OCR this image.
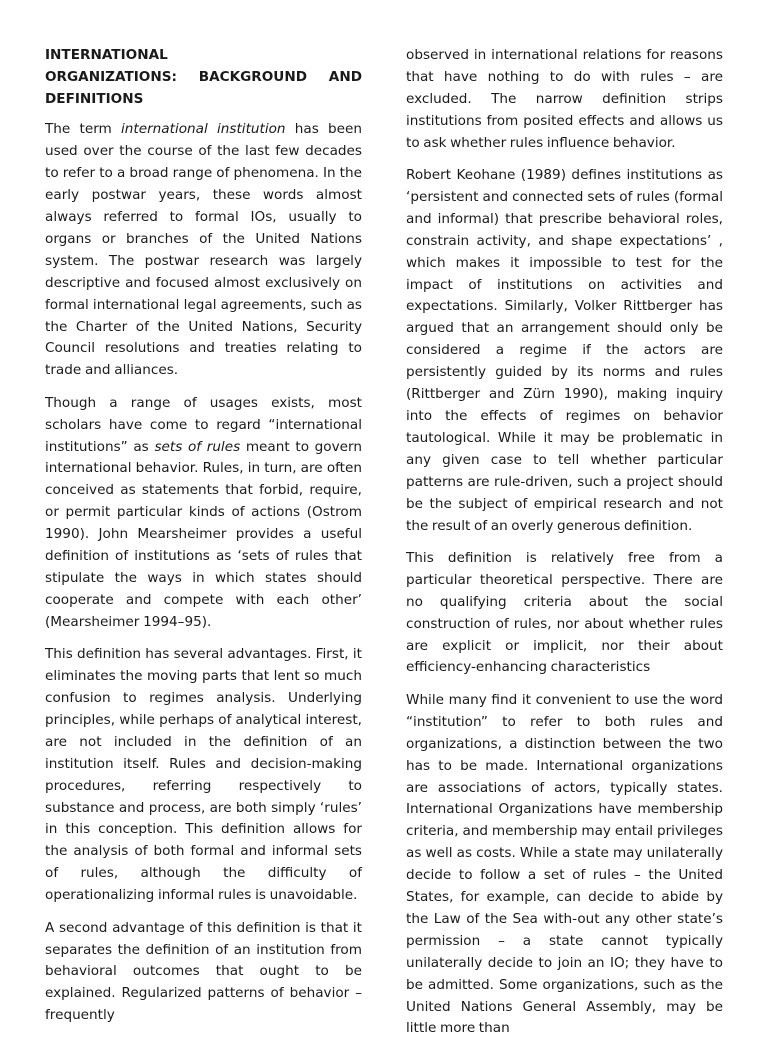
INTERNATIONAL
ORGANIZATIONS: BACKGROUND AND
DEFINITIONS

The term international institution has been used over the course of the last few decades to refer to a broad range of phenomena. In the early postwar years, these words almost always referred to formal IOs, usually to organs or branches of the United Nations system. The postwar research was largely descriptive and focused almost exclusively on formal international legal agreements, such as the Charter of the United Nations, Security Council resolutions and treaties relating to trade and alliances.

Though a range of usages exists, most scholars have come to regard “international institutions” as sets of rules meant to govern international behavior. Rules, in turn, are often conceived as statements that forbid, require, or permit particular kinds of actions (Ostrom 1990). John Mearsheimer provides a useful definition of institutions as ‘sets of rules that stipulate the ways in which states should cooperate and compete with each other’ (Mearsheimer 1994–95).

This definition has several advantages. First, it eliminates the moving parts that lent so much confusion to regimes analysis. Underlying principles, while perhaps of analytical interest, are not included in the definition of an institution itself. Rules and decision-making procedures, referring respectively to substance and process, are both simply ‘rules’ in this conception. This definition allows for the analysis of both formal and informal sets of rules, although the difficulty of operationalizing informal rules is unavoidable.

A second advantage of this definition is that it separates the definition of an institution from behavioral outcomes that ought to be explained. Regularized patterns of behavior – frequently

observed in international relations for reasons that have nothing to do with rules – are excluded. The narrow definition strips institutions from posited effects and allows us to ask whether rules influence behavior.

Robert Keohane (1989) defines institutions as ‘persistent and connected sets of rules (formal and informal) that prescribe behavioral roles, constrain activity, and shape expectations’ , which makes it impossible to test for the impact of institutions on activities and expectations. Similarly, Volker Rittberger has argued that an arrangement should only be considered a regime if the actors are persistently guided by its norms and rules (Rittberger and Zürn 1990), making inquiry into the effects of regimes on behavior tautological. While it may be problematic in any given case to tell whether particular patterns are rule-driven, such a project should be the subject of empirical research and not the result of an overly generous definition.

This definition is relatively free from a particular theoretical perspective. There are no qualifying criteria about the social construction of rules, nor about whether rules are explicit or implicit, nor their about efficiency-enhancing characteristics

While many find it convenient to use the word “institution” to refer to both rules and organizations, a distinction between the two has to be made. International organizations are associations of actors, typically states. International Organizations have membership criteria, and membership may entail privileges as well as costs. While a state may unilaterally decide to follow a set of rules – the United States, for example, can decide to abide by the Law of the Sea with-out any other state’s permission – a state cannot typically unilaterally decide to join an IO; they have to be admitted. Some organizations, such as the United Nations General Assembly, may be little more than
